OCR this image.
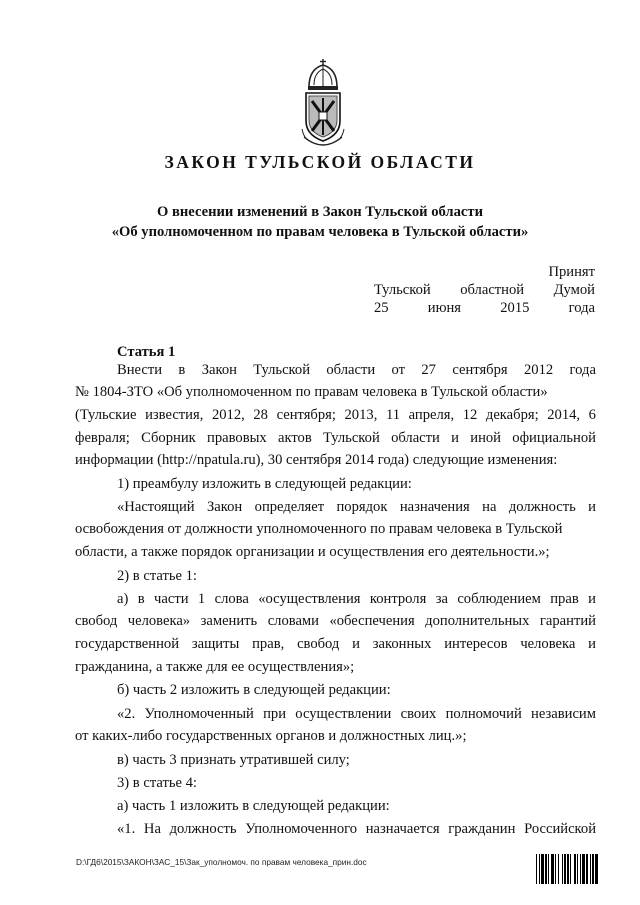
ЗАКОН ТУЛЬСКОЙ ОБЛАСТИ
О внесении изменений в Закон Тульской области
«Об уполномоченном по правам человека в Тульской области»
Принят
Тульской областной Думой
25	июня	2015	года
Статья 1
Внести в Закон Тульской области от 27 сентября 2012 года
№ 1804-ЗТО «Об уполномоченном по правам человека в Тульской области»
(Тульские известия, 2012, 28 сентября; 2013, 11 апреля, 12 декабря; 2014, 6
февраля; Сборник правовых актов Тульской области и иной официальной
информации (http://npatula.ru), 30 сентября 2014 года) следующие изменения:
1) преамбулу изложить в следующей редакции:
«Настоящий Закон определяет порядок назначения на должность и
освобождения от должности уполномоченного по правам человека в Тульской
области, а также порядок организации и осуществления его деятельности.»;
2) в статье 1:
а) в части 1 слова «осуществления контроля за соблюдением прав и
свобод человека» заменить словами «обеспечения дополнительных гарантий
государственной защиты прав, свобод и законных интересов человека и
гражданина, а также для ее осуществления»;
б) часть 2 изложить в следующей редакции:
«2. Уполномоченный при осуществлении своих полномочий независим
от каких-либо государственных органов и должностных лиц.»;
в) часть 3 признать утратившей силу;
3) в статье 4:
а) часть 1 изложить в следующей редакции:
«1. На должность Уполномоченного назначается гражданин Российской
D:\ГД6\2015\ЗАКОН\ЗАС_15\Зак_уполномоч. по правам человека_прин.doc
